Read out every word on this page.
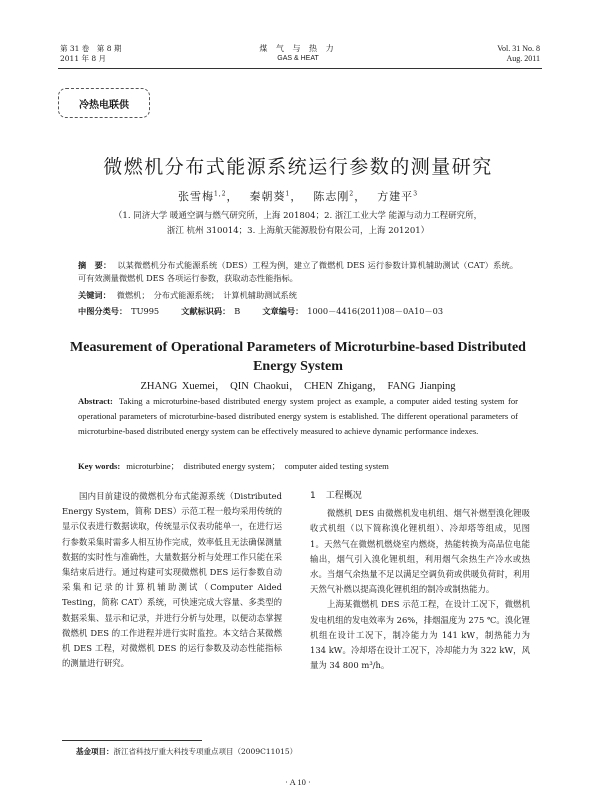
第 31 卷　第 8 期
2011 年 8 月
煤 气 与 热 力
GAS & HEAT
Vol. 31 No. 8
Aug. 2011
冷热电联供
微燃机分布式能源系统运行参数的测量研究
张雪梅$^{1,2}$，　 秦朝葵$^1$，　 陈志刚$^2$，　 方建平$^3$
（1. 同济大学 暖通空调与燃气研究所，上海 201804；2. 浙江工业大学 能源与动力工程研究所，
浙江 杭州 310014；3. 上海航天能源股份有限公司，上海 201201）
摘　要： 以某微燃机分布式能源系统（DES）工程为例，建立了微燃机 DES 运行参数计算机辅助测试（CAT）系统。可有效测量微燃机 DES 各项运行参数，获取动态性能指标。
关键词： 微燃机；　分布式能源系统；　计算机辅助测试系统
中图分类号： TU995	文献标识码： B	文章编号： 1000－4416(2011)08－0A10－03
Measurement of Operational Parameters of Microturbine-based Distributed Energy System
ZHANG Xuemei， QIN Chaokui， CHEN Zhigang， FANG Jianping
Abstract: Taking a microturbine-based distributed energy system project as example, a computer aided testing system for operational parameters of microturbine-based distributed energy system is established. The different operational parameters of microturbine-based distributed energy system can be effectively measured to achieve dynamic performance indexes.
Key words: microturbine；　distributed energy system；　computer aided testing system

国内目前建设的微燃机分布式能源系统（Distributed Energy System，简称 DES）示范工程一般均采用传统的显示仪表进行数据读取，传统显示仪表功能单一，在进行运行参数采集时需多人相互协作完成，效率低且无法确保测量数据的实时性与准确性，大量数据分析与处理工作只能在采集结束后进行。通过构建可实现微燃机 DES 运行参数自动采集和记录的计算机辅助测试（Computer Aided Testing，简称 CAT）系统，可快速完成大容量、多类型的数据采集、显示和记录，并进行分析与处理，以便动态掌握微燃机 DES 的工作进程并进行实时监控。本文结合某微燃机 DES 工程，对微燃机 DES 的运行参数及动态性能指标的测量进行研究。

1 工程概况

微燃机 DES 由微燃机发电机组、烟气补燃型溴化锂吸收式机组（以下简称溴化锂机组）、冷却塔等组成，见图 1。天然气在微燃机燃烧室内燃烧，热能转换为高品位电能输出，烟气引入溴化锂机组，利用烟气余热生产冷水或热水。当烟气余热量不足以满足空调负荷或供暖负荷时，利用天然气补燃以提高溴化锂机组的制冷或制热能力。

上海某微燃机 DES 示范工程，在设计工况下，微燃机发电机组的发电效率为 26%，排烟温度为 275 ℃。溴化锂机组在设计工况下，制冷能力为 141 kW，制热能力为 134 kW。冷却塔在设计工况下，冷却能力为 322 kW，风量为 34 800 m³/h。

基金项目：浙江省科技厅重大科技专项重点项目（2009C11015）
· A 10 ·
